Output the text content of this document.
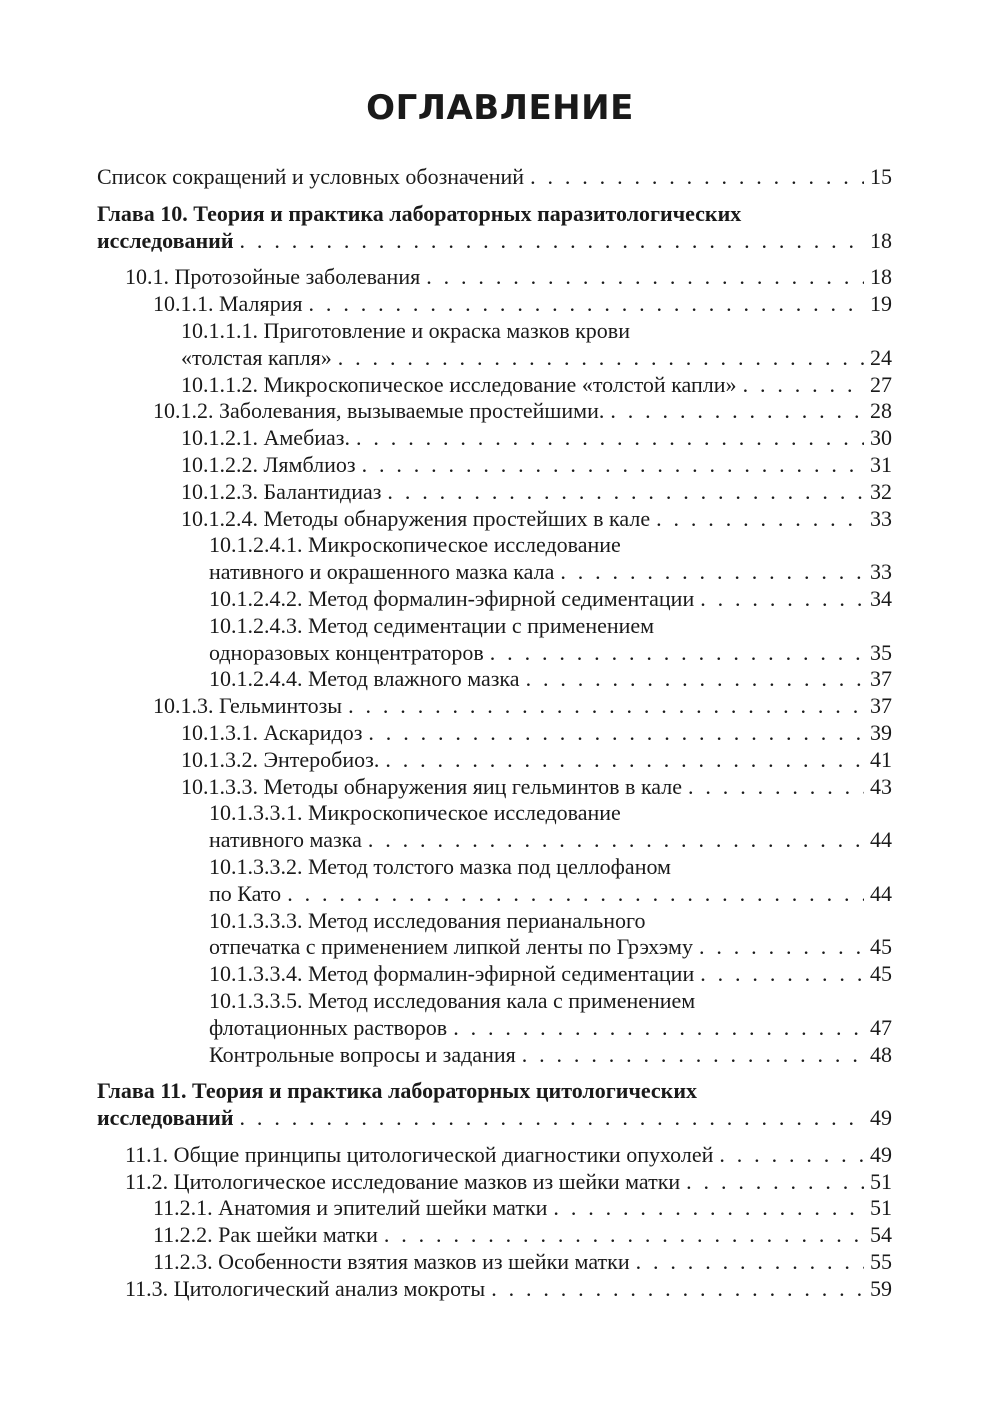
ОГЛАВЛЕНИЕ
Список сокращений и условных обозначений . . .	15
Глава 10. Теория и практика лабораторных паразитологических
исследований . . .	18
10.1. Протозойные заболевания . . .	18
10.1.1. Малярия . . .	19
10.1.1.1. Приготовление и окраска мазков крови
«толстая капля» . . .	24
10.1.1.2. Микроскопическое исследование «толстой капли» . . .	27
10.1.2. Заболевания, вызываемые простейшими. . . .	28
10.1.2.1. Амебиаз. . . .	30
10.1.2.2. Лямблиоз . . .	31
10.1.2.3. Балантидиаз . . .	32
10.1.2.4. Методы обнаружения простейших в кале . . .	33
10.1.2.4.1. Микроскопическое исследование
нативного и окрашенного мазка кала . . .	33
10.1.2.4.2. Метод формалин-эфирной седиментации . . .	34
10.1.2.4.3. Метод седиментации с применением
одноразовых концентраторов . . .	35
10.1.2.4.4. Метод влажного мазка . . .	37
10.1.3. Гельминтозы . . .	37
10.1.3.1. Аскаридоз . . .	39
10.1.3.2. Энтеробиоз. . . .	41
10.1.3.3. Методы обнаружения яиц гельминтов в кале . . .	43
10.1.3.3.1. Микроскопическое исследование
нативного мазка . . .	44
10.1.3.3.2. Метод толстого мазка под целлофаном
по Като . . .	44
10.1.3.3.3. Метод исследования перианального
отпечатка с применением липкой ленты по Грэхэму . . .	45
10.1.3.3.4. Метод формалин-эфирной седиментации . . .	45
10.1.3.3.5. Метод исследования кала с применением
флотационных растворов . . .	47
Контрольные вопросы и задания . . .	48
Глава 11. Теория и практика лабораторных цитологических
исследований . . .	49
11.1. Общие принципы цитологической диагностики опухолей . . .	49
11.2. Цитологическое исследование мазков из шейки матки . . .	51
11.2.1. Анатомия и эпителий шейки матки . . .	51
11.2.2. Рак шейки матки . . .	54
11.2.3. Особенности взятия мазков из шейки матки . . .	55
11.3. Цитологический анализ мокроты . . .	59
